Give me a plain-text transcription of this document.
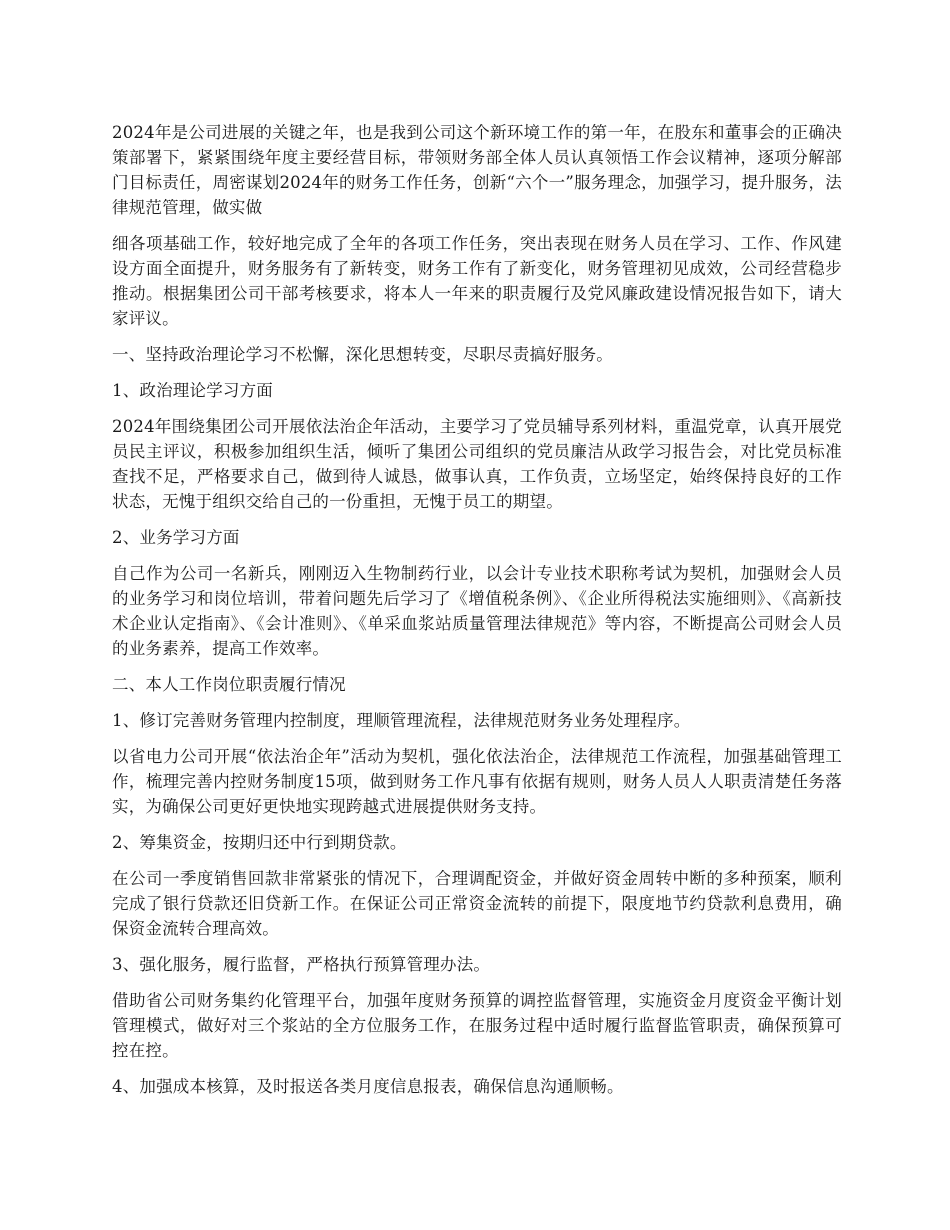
2024年是公司进展的关键之年，也是我到公司这个新环境工作的第一年，在股东和董事会的正确决策部署下，紧紧围绕年度主要经营目标，带领财务部全体人员认真领悟工作会议精神，逐项分解部门目标责任，周密谋划2024年的财务工作任务，创新“六个一”服务理念，加强学习，提升服务，法律规范管理，做实做

细各项基础工作，较好地完成了全年的各项工作任务，突出表现在财务人员在学习、工作、作风建设方面全面提升，财务服务有了新转变，财务工作有了新变化，财务管理初见成效，公司经营稳步推动。根据集团公司干部考核要求，将本人一年来的职责履行及党风廉政建设情况报告如下，请大家评议。

一、坚持政治理论学习不松懈，深化思想转变，尽职尽责搞好服务。

1、政治理论学习方面

2024年围绕集团公司开展依法治企年活动，主要学习了党员辅导系列材料，重温党章，认真开展党员民主评议，积极参加组织生活，倾听了集团公司组织的党员廉洁从政学习报告会，对比党员标准查找不足，严格要求自己，做到待人诚恳，做事认真，工作负责，立场坚定，始终保持良好的工作状态，无愧于组织交给自己的一份重担，无愧于员工的期望。

2、业务学习方面

自己作为公司一名新兵，刚刚迈入生物制药行业，以会计专业技术职称考试为契机，加强财会人员的业务学习和岗位培训，带着问题先后学习了《增值税条例》、《企业所得税法实施细则》、《高新技术企业认定指南》、《会计准则》、《单采血浆站质量管理法律规范》等内容，不断提高公司财会人员的业务素养，提高工作效率。

二、本人工作岗位职责履行情况

1、修订完善财务管理内控制度，理顺管理流程，法律规范财务业务处理程序。

以省电力公司开展“依法治企年”活动为契机，强化依法治企，法律规范工作流程，加强基础管理工作，梳理完善内控财务制度15项，做到财务工作凡事有依据有规则，财务人员人人职责清楚任务落实，为确保公司更好更快地实现跨越式进展提供财务支持。

2、筹集资金，按期归还中行到期贷款。

在公司一季度销售回款非常紧张的情况下，合理调配资金，并做好资金周转中断的多种预案，顺利完成了银行贷款还旧贷新工作。在保证公司正常资金流转的前提下，限度地节约贷款利息费用，确保资金流转合理高效。

3、强化服务，履行监督，严格执行预算管理办法。

借助省公司财务集约化管理平台，加强年度财务预算的调控监督管理，实施资金月度资金平衡计划管理模式，做好对三个浆站的全方位服务工作，在服务过程中适时履行监督监管职责，确保预算可控在控。

4、加强成本核算，及时报送各类月度信息报表，确保信息沟通顺畅。
